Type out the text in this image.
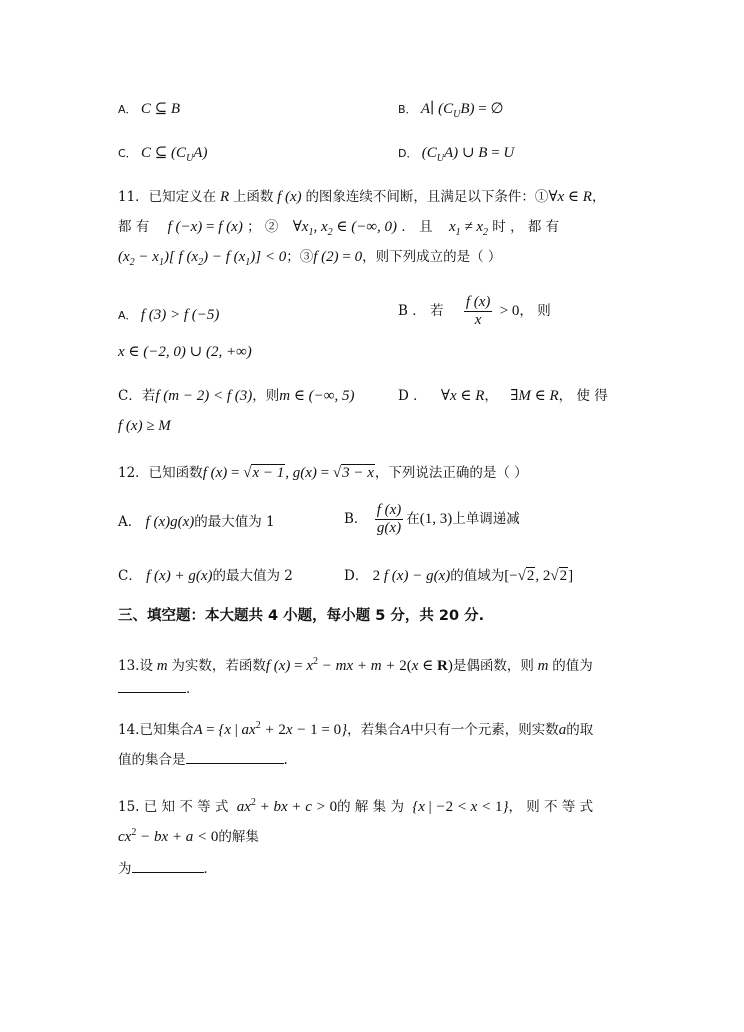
A． C ⊆ B	B． A∣ $(C_UB)$ = ∅
C． C ⊆ $(C_UA)$	D． $(C_UA)$ ∪ B = U
11．已知定义在 R 上函数 f (x) 的图象连续不间断，且满足以下条件：①∀x ∈ R，
都 有 f (−x) = f (x) ； ② $\forall x_1$, $x_2$ ∈ (−∞, 0) ． 且 $x_1 \ne x_2$ 时 ， 都 有
$(x_2 - x_1)$[ f $(x_2) - f$ $(x_1)] < 0$；③f (2) = 0，则下列成立的是（ ）
A． f (3) > f (−5)	B ． 若 $\frac{f (x)}{x} > 0$， 则
x ∈ (−2, 0) ∪ (2, +∞)
C．若f (m − 2) < f (3)，则m ∈ (−∞, 5)	D ． ∀x ∈ R， ∃M ∈ R， 使 得
f (x) ≥ M
12．已知函数f (x) = √x − 1, g(x) = √3 − x，下列说法正确的是（ ）
A． f (x)g(x)的最大值为 1	B． $\frac{f (x)}{g(x)}$ 在(1, 3)上单调递减
C． f (x) + g(x)的最大值为 2	D． 2 f (x) − g(x)的值域为[−√2, 2√2]
三、填空题：本大题共 4 小题，每小题 5 分，共 20 分.
13.设 m 为实数，若函数f $(x) = x^2$ − mx + m + 2(x ∈ R)是偶函数，则 m 的值为
．
14.已知集合A = {x | $ax^2 + 2x - 1 = 0$}，若集合A中只有一个元素，则实数a的取
值的集合是	.
15. 已 知 不 等 式 $ax^2$ + bx + c > 0的 解 集 为 {x | −2 < x < 1}， 则 不 等 式
$cx^2$ − bx + a < 0的解集
为	．
